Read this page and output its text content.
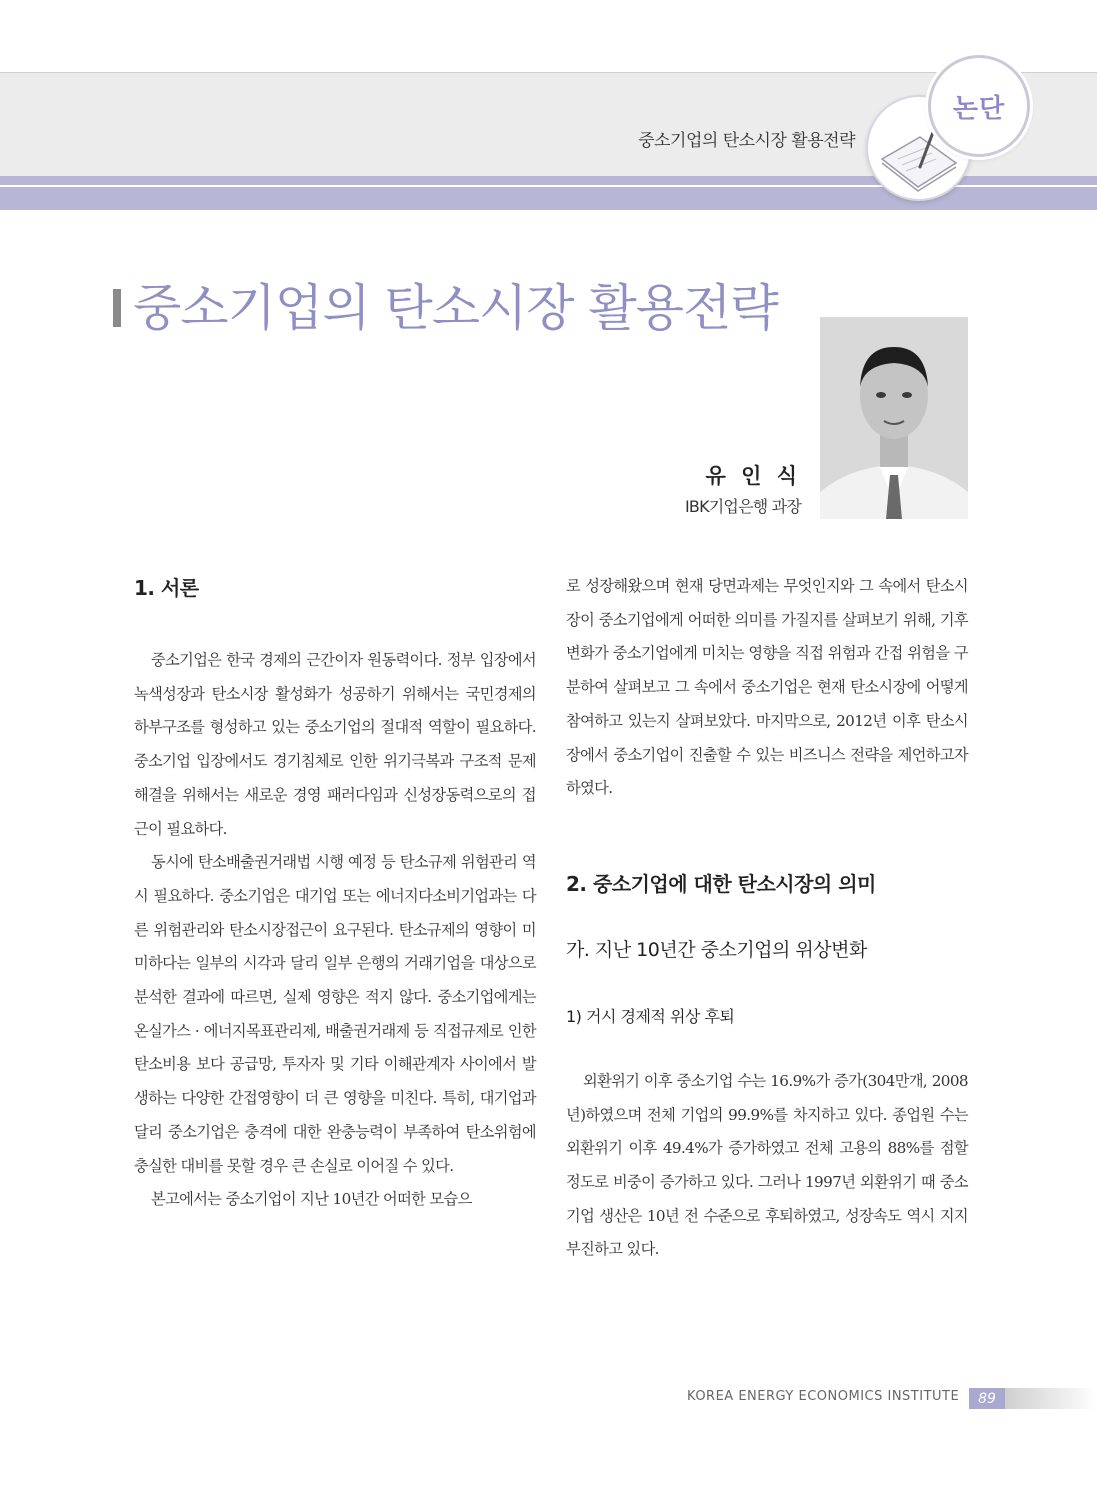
중소기업의 탄소시장 활용전략
논단
중소기업의 탄소시장 활용전략
유 인 식
IBK기업은행 과장

1. 서론

중소기업은 한국 경제의 근간이자 원동력이다. 정부 입장에서 녹색성장과 탄소시장 활성화가 성공하기 위해서는 국민경제의 하부구조를 형성하고 있는 중소기업의 절대적 역할이 필요하다. 중소기업 입장에서도 경기침체로 인한 위기극복과 구조적 문제 해결을 위해서는 새로운 경영 패러다임과 신성장동력으로의 접근이 필요하다.

동시에 탄소배출권거래법 시행 예정 등 탄소규제 위험관리 역시 필요하다. 중소기업은 대기업 또는 에너지다소비기업과는 다른 위험관리와 탄소시장접근이 요구된다. 탄소규제의 영향이 미미하다는 일부의 시각과 달리 일부 은행의 거래기업을 대상으로 분석한 결과에 따르면, 실제 영향은 적지 않다. 중소기업에게는 온실가스 · 에너지목표관리제, 배출권거래제 등 직접규제로 인한 탄소비용 보다 공급망, 투자자 및 기타 이해관계자 사이에서 발생하는 다양한 간접영향이 더 큰 영향을 미친다. 특히, 대기업과 달리 중소기업은 충격에 대한 완충능력이 부족하여 탄소위험에 충실한 대비를 못할 경우 큰 손실로 이어질 수 있다.

본고에서는 중소기업이 지난 10년간 어떠한 모습으

로 성장해왔으며 현재 당면과제는 무엇인지와 그 속에서 탄소시장이 중소기업에게 어떠한 의미를 가질지를 살펴보기 위해, 기후변화가 중소기업에게 미치는 영향을 직접 위험과 간접 위험을 구분하여 살펴보고 그 속에서 중소기업은 현재 탄소시장에 어떻게 참여하고 있는지 살펴보았다. 마지막으로, 2012년 이후 탄소시장에서 중소기업이 진출할 수 있는 비즈니스 전략을 제언하고자 하였다.

2. 중소기업에 대한 탄소시장의 의미

가. 지난 10년간 중소기업의 위상변화

1) 거시 경제적 위상 후퇴

외환위기 이후 중소기업 수는 16.9%가 증가(304만개, 2008년)하였으며 전체 기업의 99.9%를 차지하고 있다. 종업원 수는 외환위기 이후 49.4%가 증가하였고 전체 고용의 88%를 점할 정도로 비중이 증가하고 있다. 그러나 1997년 외환위기 때 중소기업 생산은 10년 전 수준으로 후퇴하였고, 성장속도 역시 지지부진하고 있다.

KOREA ENERGY ECONOMICS INSTITUTE	89
